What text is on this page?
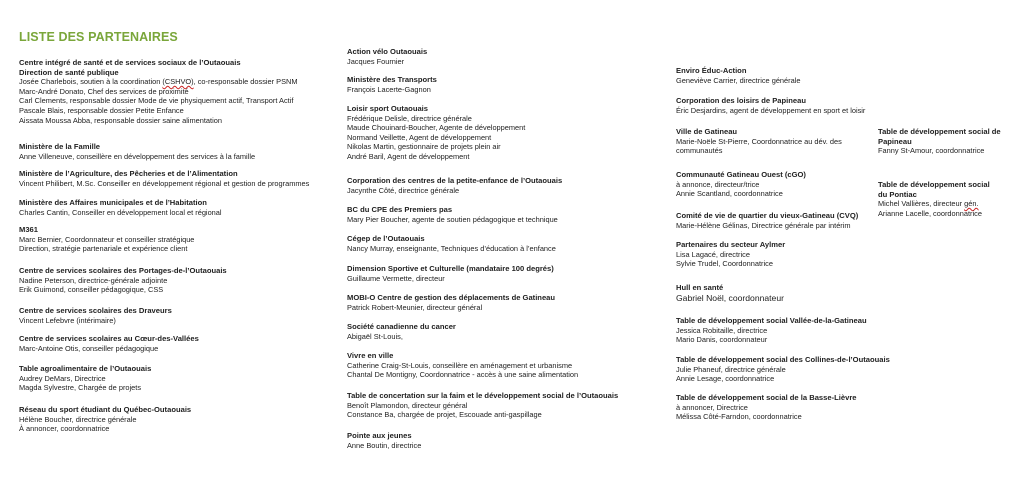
LISTE DES PARTENAIRES
Centre intégré de santé et de services sociaux de l’Outaouais
Direction de santé publique
Josée Charlebois, soutien à la coordination (CSHVO), co-responsable dossier PSNM
Marc-André Donato, Chef des services de proximité
Carl Clements, responsable dossier Mode de vie physiquement actif, Transport Actif
Pascale Blais, responsable dossier Petite Enfance
Aissata Moussa Abba, responsable dossier saine alimentation
Ministère de la Famille
Anne Villeneuve, conseillère en développement des services à la famille
Ministère de l’Agriculture, des Pêcheries et de l’Alimentation
Vincent Philibert, M.Sc. Conseiller en développement régional et gestion de programmes
Ministère des Affaires municipales et de l’Habitation
Charles Cantin, Conseiller en développement local et régional
M361
Marc Bernier, Coordonnateur et conseiller stratégique
Direction, stratégie partenariale et expérience client
Centre de services scolaires des Portages-de-l’Outaouais
Nadine Peterson, directrice-générale adjointe
Erik Guimond, conseiller pédagogique, CSS
Centre de services scolaires des Draveurs
Vincent Lefebvre (intérimaire)
Centre de services scolaires au Cœur-des-Vallées
Marc-Antoine Otis, conseiller pédagogique
Table agroalimentaire de l’Outaouais
Audrey DeMars, Directrice
Magda Sylvestre, Chargée de projets
Réseau du sport étudiant du Québec-Outaouais
Hélène Boucher, directrice générale
À annoncer, coordonnatrice
Action vélo Outaouais
Jacques Fournier
Ministère des Transports
François Lacerte-Gagnon
Loisir sport Outaouais
Frédérique Delisle, directrice générale
Maude Chouinard-Boucher, Agente de développement
Normand Veillette, Agent de développement
Nikolas Martin, gestionnaire de projets plein air
André Baril, Agent de développement
Corporation des centres de la petite-enfance de l’Outaouais
Jacynthe Côté, directrice générale
BC du CPE des Premiers pas
Mary Pier Boucher, agente de soutien pédagogique et technique
Cégep de l’Outaouais
Nancy Murray, enseignante, Techniques d’éducation à l’enfance
Dimension Sportive et Culturelle (mandataire 100 degrés)
Guillaume Vermette, directeur
MOBI-O Centre de gestion des déplacements de Gatineau
Patrick Robert-Meunier, directeur général
Société canadienne du cancer
Abigaël St-Louis,
Vivre en ville
Catherine Craig-St-Louis, conseillère en aménagement et urbanisme
Chantal De Montigny, Coordonnatrice - accès à une saine alimentation
Table de concertation sur la faim et le développement social de l’Outaouais
Benoît Plamondon, directeur général
Constance Ba, chargée de projet, Escouade anti-gaspillage
Pointe aux jeunes
Anne Boutin, directrice
Enviro Éduc-Action
Geneviève Carrier, directrice générale
Corporation des loisirs de Papineau
Éric Desjardins, agent de développement en sport et loisir
Ville de Gatineau
Marie-Noële St-Pierre, Coordonnatrice au dév. des
communautés
Communauté Gatineau Ouest (cGO)
à annonce, directeur/trice
Annie Scantland, coordonnatrice
Comité de vie de quartier du vieux-Gatineau (CVQ)
Marie-Hélène Gélinas, Directrice générale par intérim
Partenaires du secteur Aylmer
Lisa Lagacé, directrice
Sylvie Trudel, Coordonnatrice
Hull en santé
Gabriel Noël, coordonnateur
Table de développement social Vallée-de-la-Gatineau
Jessica Robitaille, directrice
Mario Danis, coordonnateur
Table de développement social des Collines-de-l’Outaouais
Julie Phaneuf, directrice générale
Annie Lesage, coordonnatrice
Table de développement social de la Basse-Lièvre
à annoncer, Directrice
Mélissa Côté-Farndon, coordonnatrice
Table de développement social de
Papineau
Fanny St-Amour, coordonnatrice
Table de développement social
du Pontiac
Michel Vallières, directeur gén.
Arianne Lacelle, coordonnatrice
